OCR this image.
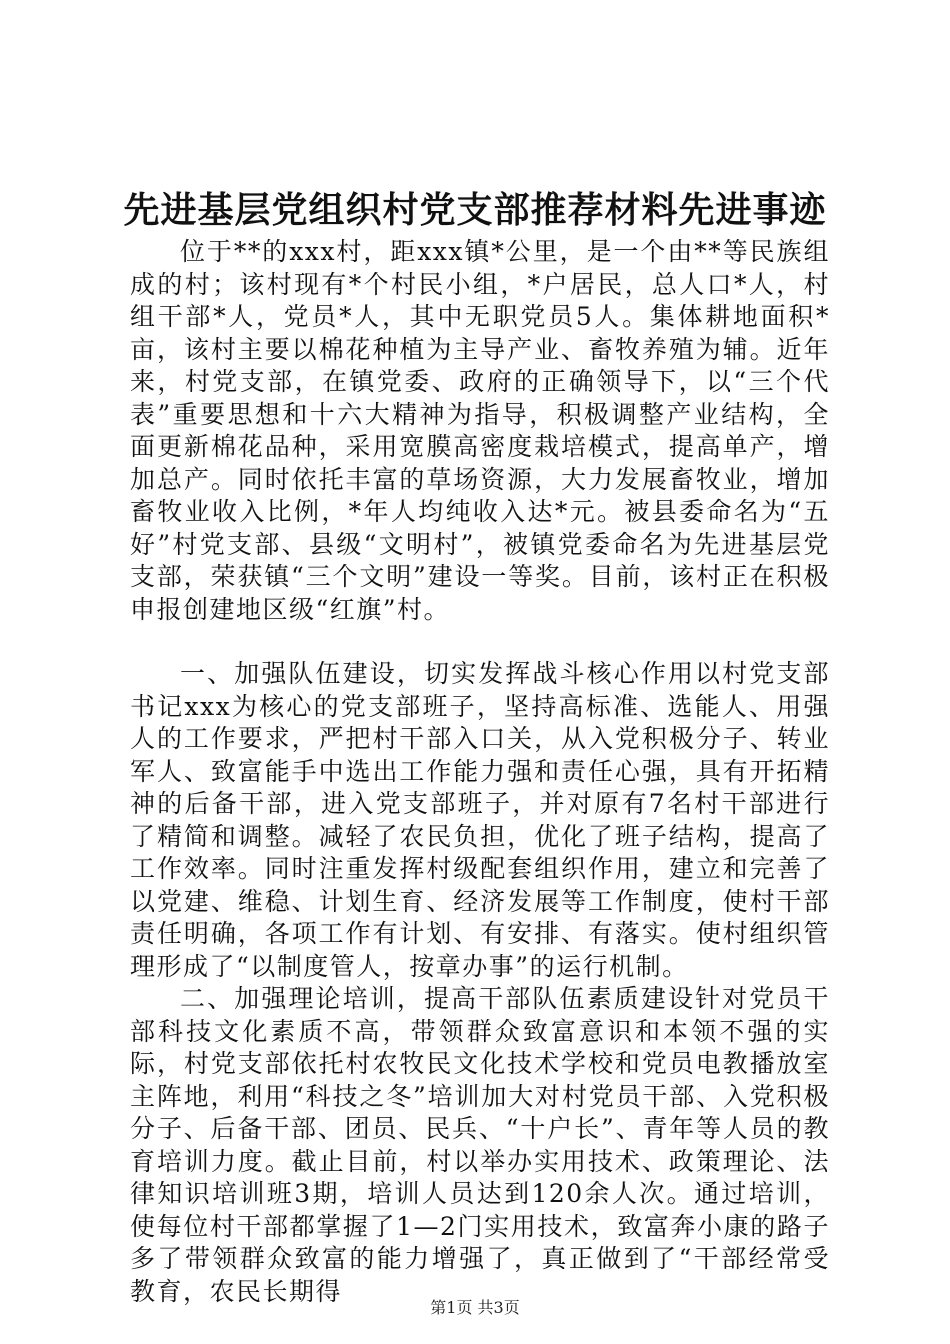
先进基层党组织村党支部推荐材料先进事迹

位于**的xxx村，距xxx镇*公里，是一个由**等民族组成的村；该村现有*个村民小组，*户居民，总人口*人，村组干部*人，党员*人，其中无职党员5人。集体耕地面积*亩，该村主要以棉花种植为主导产业、畜牧养殖为辅。近年来，村党支部，在镇党委、政府的正确领导下，以“三个代表”重要思想和十六大精神为指导，积极调整产业结构，全面更新棉花品种，采用宽膜高密度栽培模式，提高单产，增加总产。同时依托丰富的草场资源，大力发展畜牧业，增加畜牧业收入比例，*年人均纯收入达*元。被县委命名为“五好”村党支部、县级“文明村”，被镇党委命名为先进基层党支部，荣获镇“三个文明”建设一等奖。目前，该村正在积极申报创建地区级“红旗”村。

一、加强队伍建设，切实发挥战斗核心作用以村党支部书记xxx为核心的党支部班子，坚持高标准、选能人、用强人的工作要求，严把村干部入口关，从入党积极分子、转业军人、致富能手中选出工作能力强和责任心强，具有开拓精神的后备干部，进入党支部班子，并对原有7名村干部进行了精简和调整。减轻了农民负担，优化了班子结构，提高了工作效率。同时注重发挥村级配套组织作用，建立和完善了以党建、维稳、计划生育、经济发展等工作制度，使村干部责任明确，各项工作有计划、有安排、有落实。使村组织管理形成了“以制度管人，按章办事”的运行机制。

二、加强理论培训，提高干部队伍素质建设针对党员干部科技文化素质不高，带领群众致富意识和本领不强的实际，村党支部依托村农牧民文化技术学校和党员电教播放室主阵地，利用“科技之冬”培训加大对村党员干部、入党积极分子、后备干部、团员、民兵、“十户长”、青年等人员的教育培训力度。截止目前，村以举办实用技术、政策理论、法律知识培训班3期，培训人员达到120余人次。通过培训，使每位村干部都掌握了1—2门实用技术，致富奔小康的路子多了带领群众致富的能力增强了，真正做到了“干部经常受教育，农民长期得

第1页 共3页
